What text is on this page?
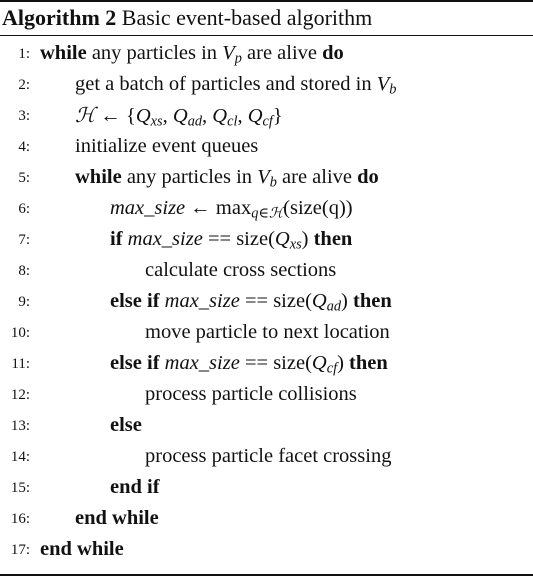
Algorithm 2 Basic event-based algorithm
1: while any particles in $V_p$ are alive do
2: get a batch of particles and stored in $V_b$
3: ℋ ← {$Q_{xs}$, $Q_{ad}$, $Q_{cl}$, $Q_{cf}$}
4: initialize event queues
5: while any particles in $V_b$ are alive do
6:	max_size ← $\max_{q\in ℋ}(size(q))$
7:	if max_size == $size(Q_{xs})$ then
8:	calculate cross sections
9:	else if max_size == $size(Q_{ad})$ then
10:	move particle to next location
11:	else if max_size == $size(Q_{cf})$ then
12:	process particle collisions
13:	else
14:	process particle facet crossing
15:	end if
16: end while
17: end while
